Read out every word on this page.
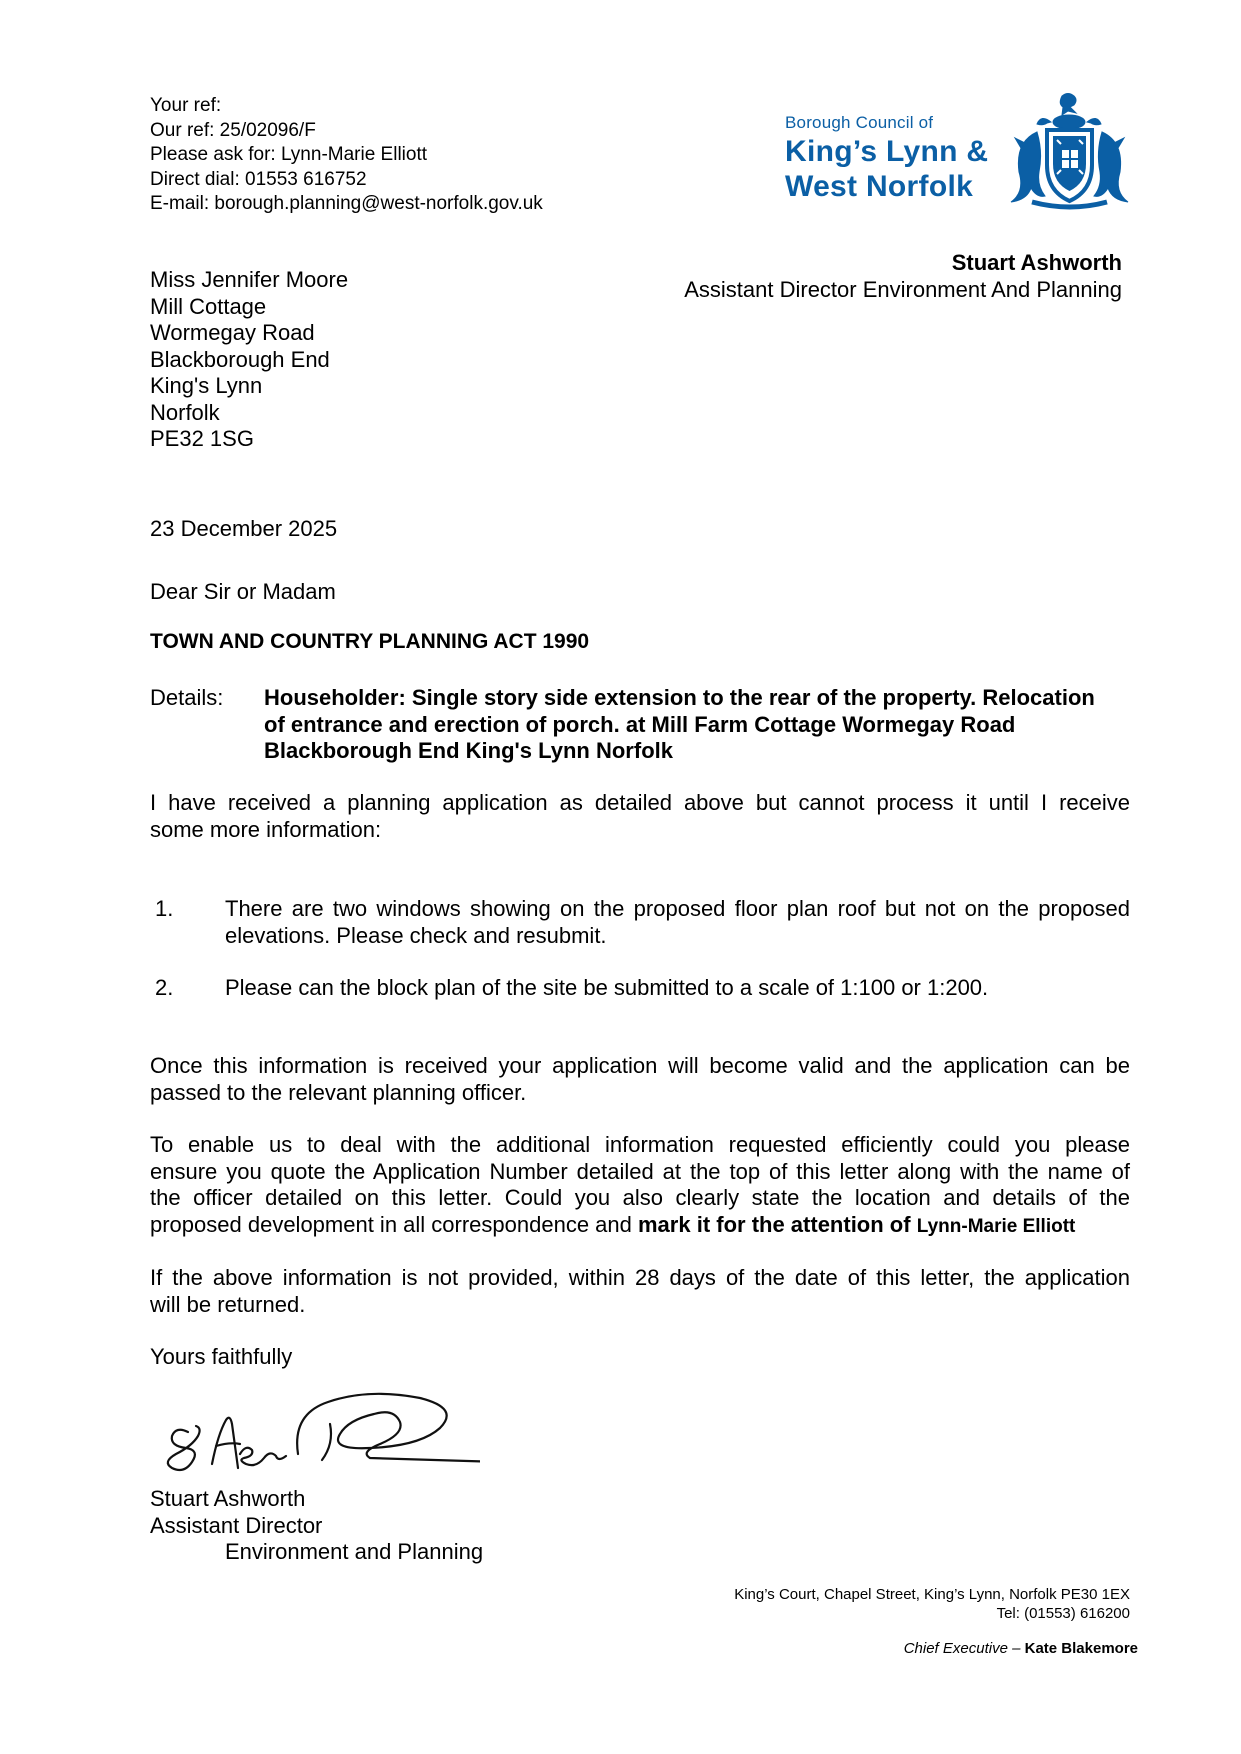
Your ref:
Our ref: 25/02096/F
Please ask for: Lynn-Marie Elliott
Direct dial: 01553 616752
E-mail: borough.planning@west-norfolk.gov.uk
Borough Council of
King’s Lynn &
West Norfolk
Stuart Ashworth
Assistant Director Environment And Planning
Miss Jennifer Moore
Mill Cottage
Wormegay Road
Blackborough End
King's Lynn
Norfolk
PE32 1SG
23 December 2025
Dear Sir or Madam
TOWN AND COUNTRY PLANNING ACT 1990
Details: Householder: Single story side extension to the rear of the property. Relocation
of entrance and erection of porch. at Mill Farm Cottage Wormegay Road
Blackborough End King's Lynn Norfolk
I have received a planning application as detailed above but cannot process it until I receive
some more information:
1. There are two windows showing on the proposed floor plan roof but not on the proposed
elevations. Please check and resubmit.
2. Please can the block plan of the site be submitted to a scale of 1:100 or 1:200.
Once this information is received your application will become valid and the application can be
passed to the relevant planning officer.
To enable us to deal with the additional information requested efficiently could you please
ensure you quote the Application Number detailed at the top of this letter along with the name of
the officer detailed on this letter. Could you also clearly state the location and details of the
proposed development in all correspondence and mark it for the attention of Lynn-Marie Elliott
If the above information is not provided, within 28 days of the date of this letter, the application
will be returned.
Yours faithfully
Stuart Ashworth
Assistant Director
Environment and Planning
King’s Court, Chapel Street, King’s Lynn, Norfolk PE30 1EX
Tel: (01553) 616200
Chief Executive – Kate Blakemore
